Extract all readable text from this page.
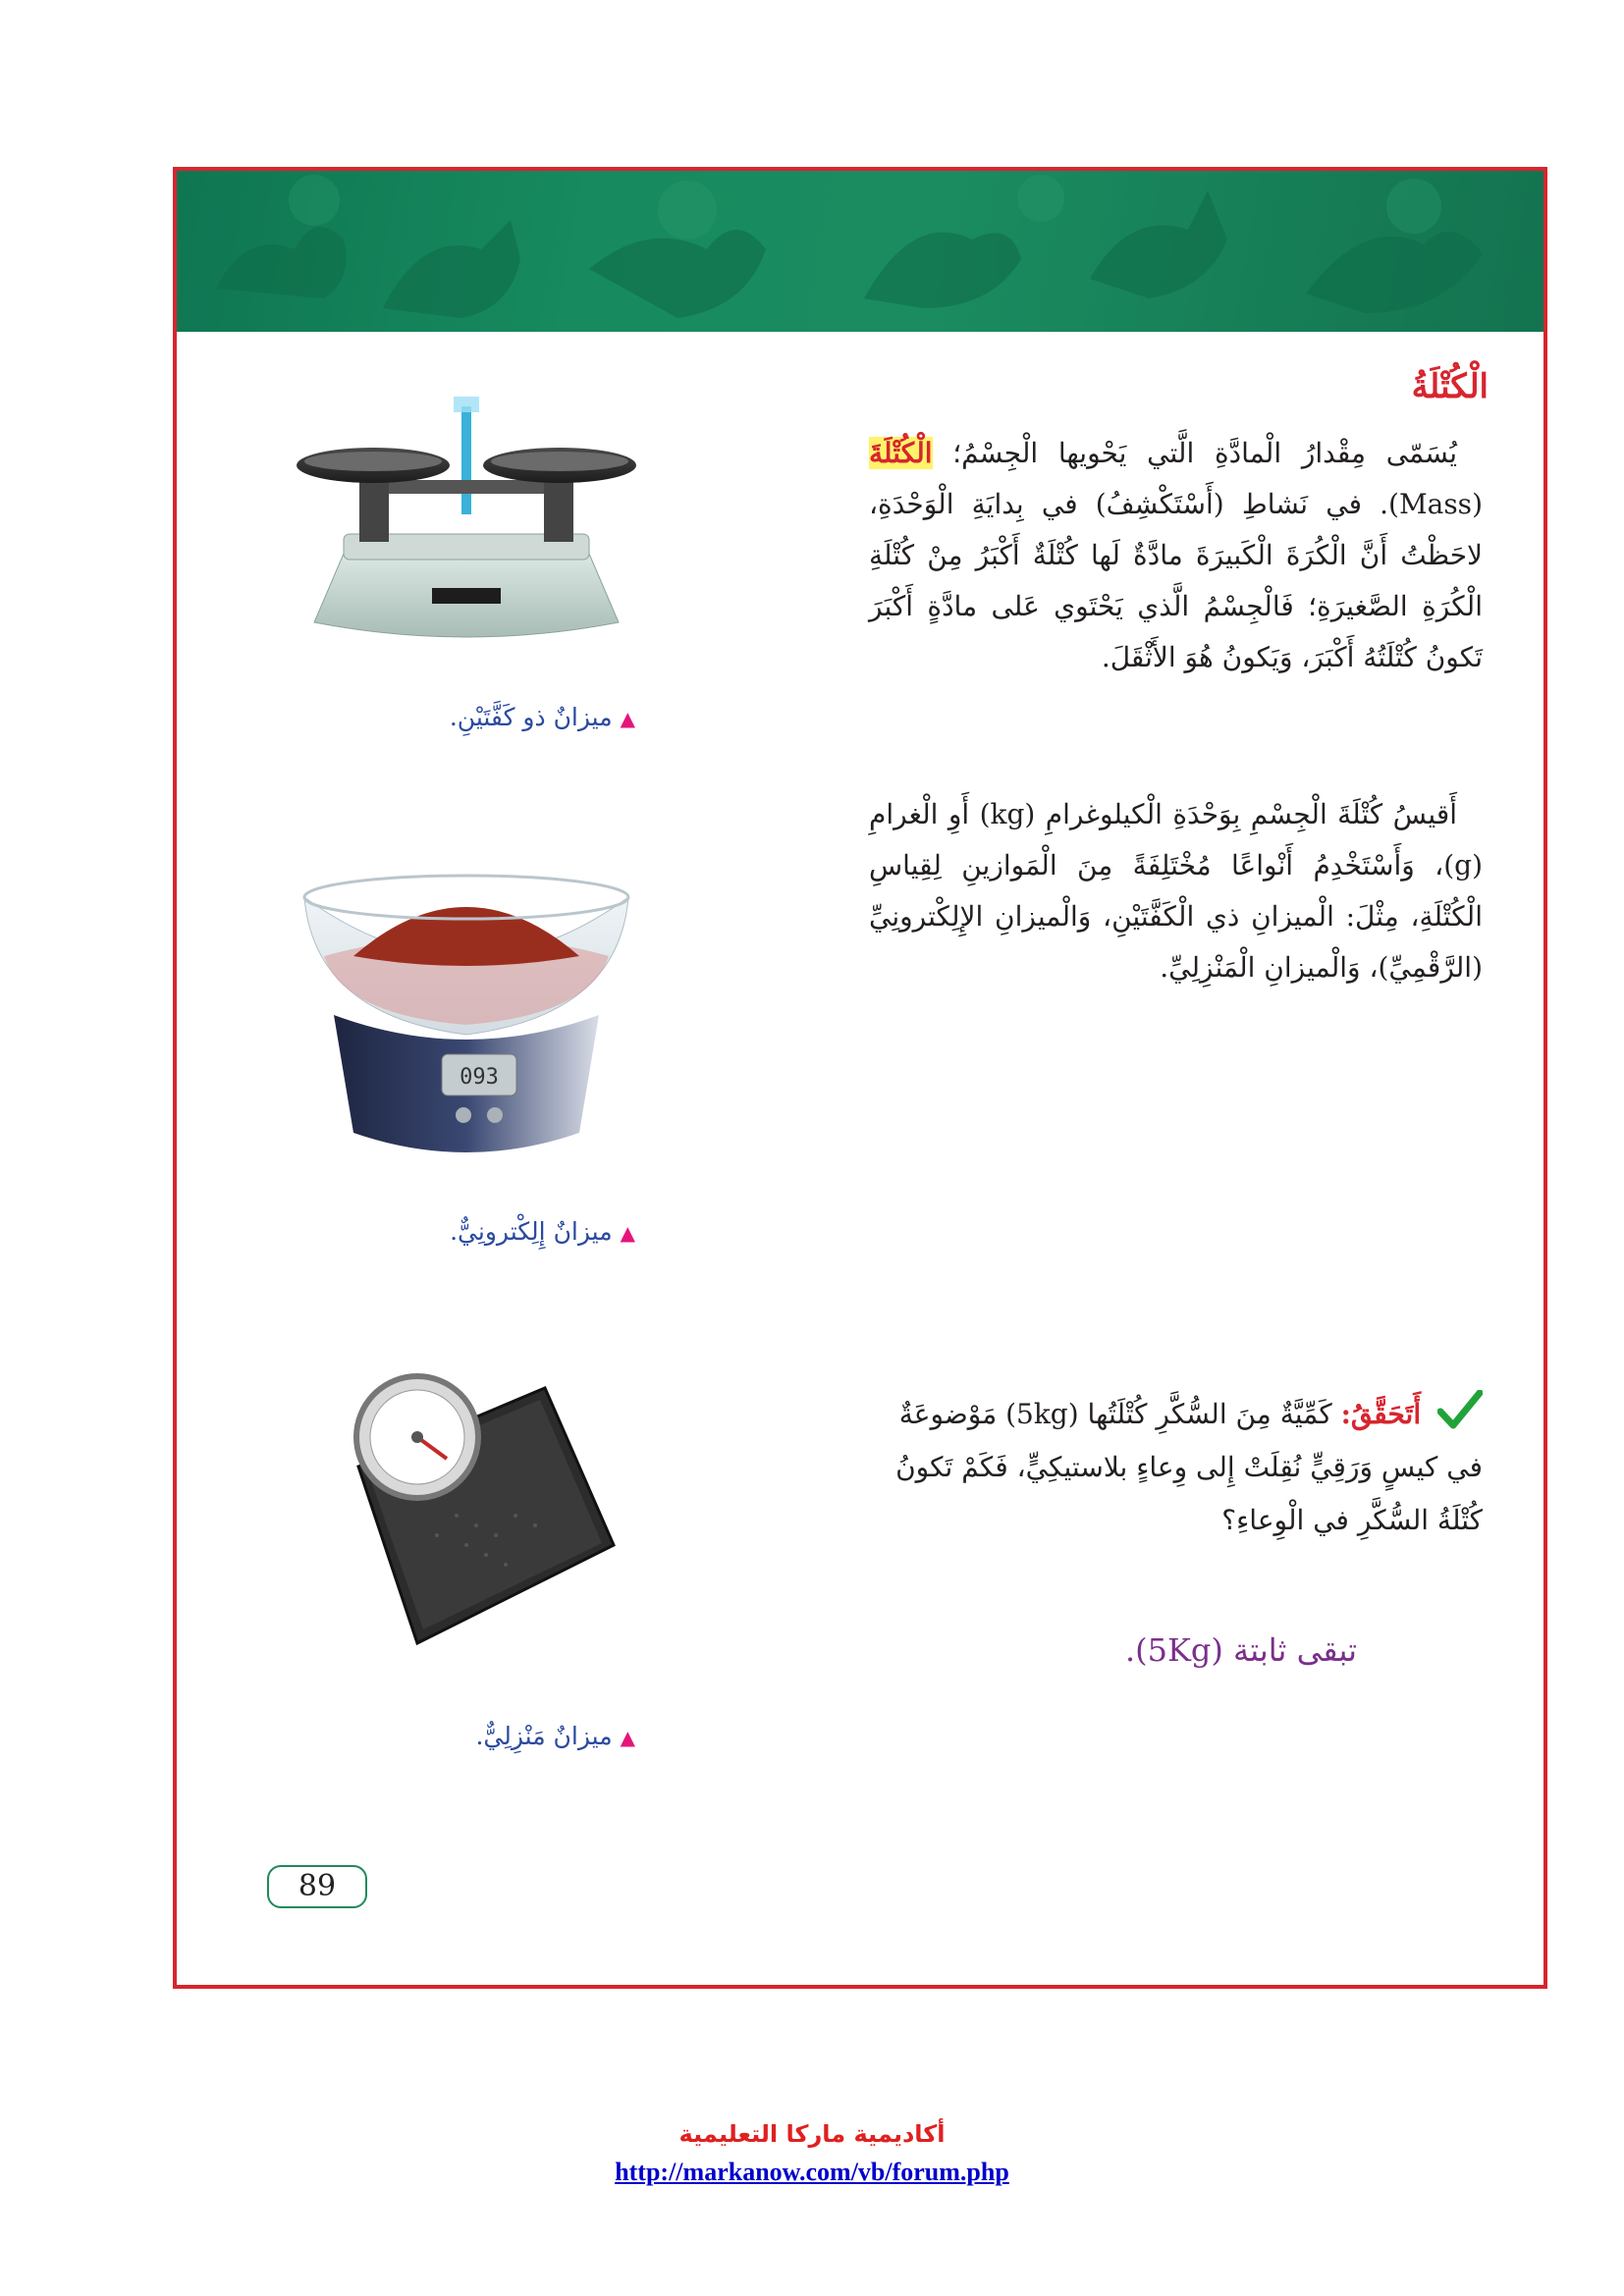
الْكُتْلَةُ
يُسَمّى مِقْدارُ الْمادَّةِ الَّتي يَحْويها الْجِسْمُ؛ الْكُتْلَةَ (Mass). في نَشاطِ (أَسْتَكْشِفُ) في بِدايَةِ الْوَحْدَةِ، لاحَظْتُ أَنَّ الْكُرَةَ الْكَبيرَةَ مادَّةٌ لَها كُتْلَةٌ أَكْبَرُ مِنْ كُتْلَةِ الْكُرَةِ الصَّغيرَةِ؛ فَالْجِسْمُ الَّذي يَحْتَوي عَلى مادَّةٍ أَكْبَرَ تَكونُ كُتْلَتُهُ أَكْبَرَ، وَيَكونُ هُوَ الأَثْقَلَ.
أَقيسُ كُتْلَةَ الْجِسْمِ بِوَحْدَةِ الْكيلوغرامِ (kg) أَوِ الْغرامِ (g)، وَأَسْتَخْدِمُ أَنْواعًا مُخْتَلِفَةً مِنَ الْمَوازينِ لِقِياسِ الْكُتْلَةِ، مِثْلَ: الْميزانِ ذي الْكَفَّتَيْنِ، وَالْميزانِ الإِلِكْترونِيِّ (الرَّقْمِيِّ)، وَالْميزانِ الْمَنْزِلِيِّ.
أَتَحَقَّقُ: كَمِّيَّةٌ مِنَ السُّكَّرِ كُتْلَتُها (5kg) مَوْضوعَةٌ في كيسٍ وَرَقِيٍّ نُقِلَتْ إِلى وِعاءٍ بلاستيكِيٍّ، فَكَمْ تَكونُ كُتْلَةُ السُّكَّرِ في الْوِعاءِ؟
تبقى ثابتة (5Kg).
▲ميزانٌ ذو كَفَّتَيْنِ.
093
▲ميزانٌ إِلِكْترونِيٌّ.
▲ميزانٌ مَنْزِلِيٌّ.
89
أكاديمية ماركا التعليمية
http://markanow.com/vb/forum.php
